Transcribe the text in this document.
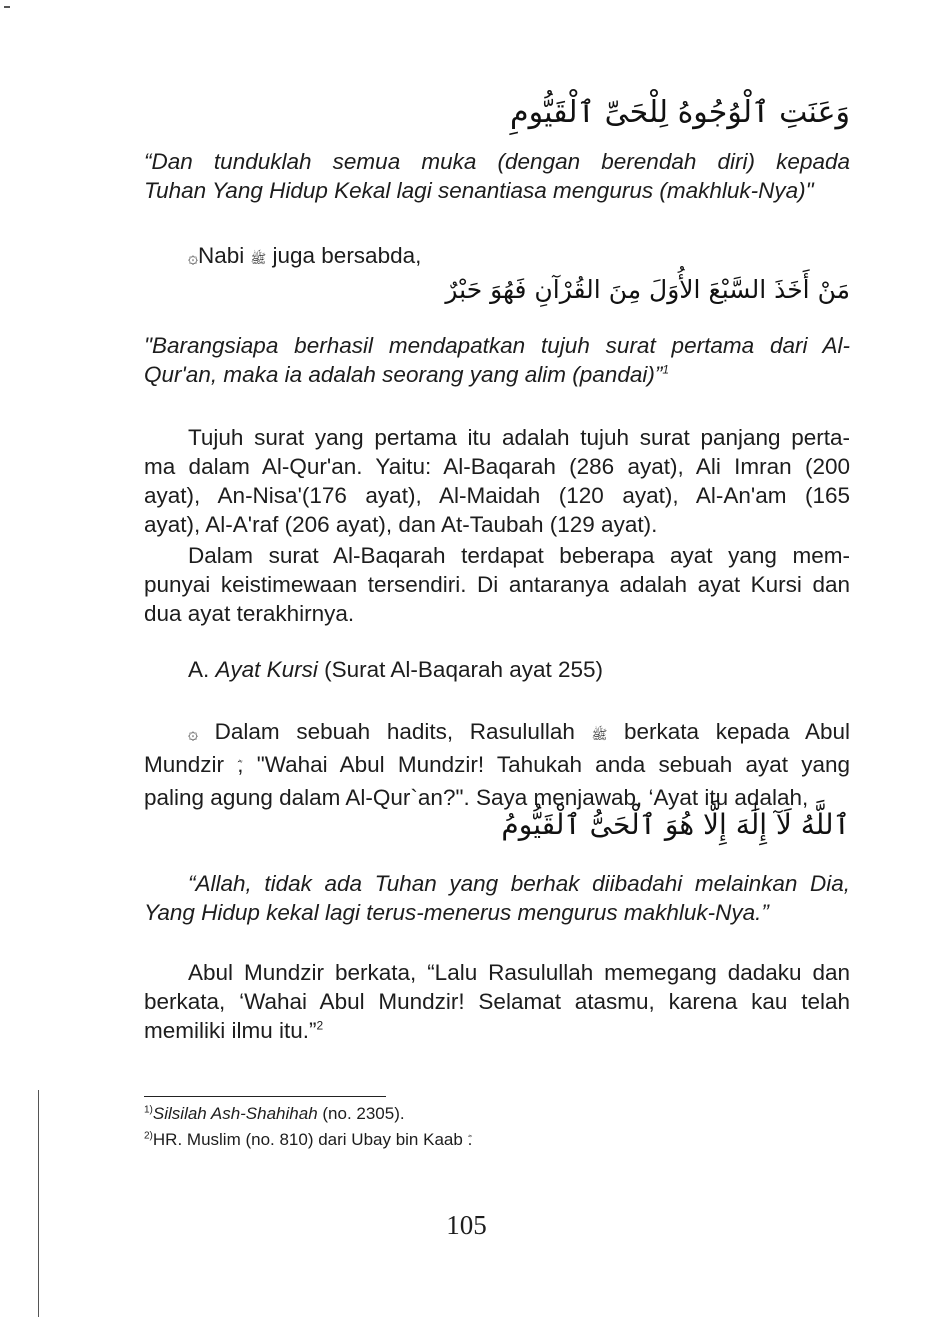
وَعَنَتِ ٱلْوُجُوهُ لِلْحَىِّ ٱلْقَيُّومِ

“Dan tunduklah semua muka (dengan berendah diri) kepada
Tuhan Yang Hidup Kekal lagi senantiasa mengurus (makhluk-Nya)"

۞Nabi ﷺ juga bersabda,

مَنْ أَخَذَ السَّبْعَ الأُوَلَ مِنَ القُرْآنِ فَهُوَ حَبْرٌ

"Barangsiapa berhasil mendapatkan tujuh surat pertama dari Al-
Qur'an, maka ia adalah seorang yang alim (pandai)”$^1$

Tujuh surat yang pertama itu adalah tujuh surat panjang perta-
ma dalam Al-Qur'an. Yaitu: Al-Baqarah (286 ayat), Ali Imran (200
ayat), An-Nisa'(176 ayat), Al-Maidah (120 ayat), Al-An'am (165
ayat), Al-A'raf (206 ayat), dan At-Taubah (129 ayat).

Dalam surat Al-Baqarah terdapat beberapa ayat yang mem-
punyai keistimewaan tersendiri. Di antaranya adalah ayat Kursi dan
dua ayat terakhirnya.

A. Ayat Kursi (Surat Al-Baqarah ayat 255)

۞ Dalam sebuah hadits, Rasulullah ﷺ berkata kepada Abul
Mundzir , "Wahai Abul Mundzir! Tahukah anda sebuah ayat yang
paling agung dalam Al-Qur`an?". Saya menjawab, ‘Ayat itu adalah,

ٱللَّهُ لَآ إِلَٰهَ إِلَّا هُوَ ٱلْحَىُّ ٱلْقَيُّومُ

“Allah, tidak ada Tuhan yang berhak diibadahi melainkan Dia,
Yang Hidup kekal lagi terus-menerus mengurus makhluk-Nya.”

Abul Mundzir berkata, “Lalu Rasulullah memegang dadaku dan
berkata, ‘Wahai Abul Mundzir! Selamat atasmu, karena kau telah
memiliki ilmu itu.”$^2$

$^{1)}$Silsilah Ash-Shahihah (no. 2305).
$^{2)}$HR. Muslim (no. 810) dari Ubay bin Kaab .
105
